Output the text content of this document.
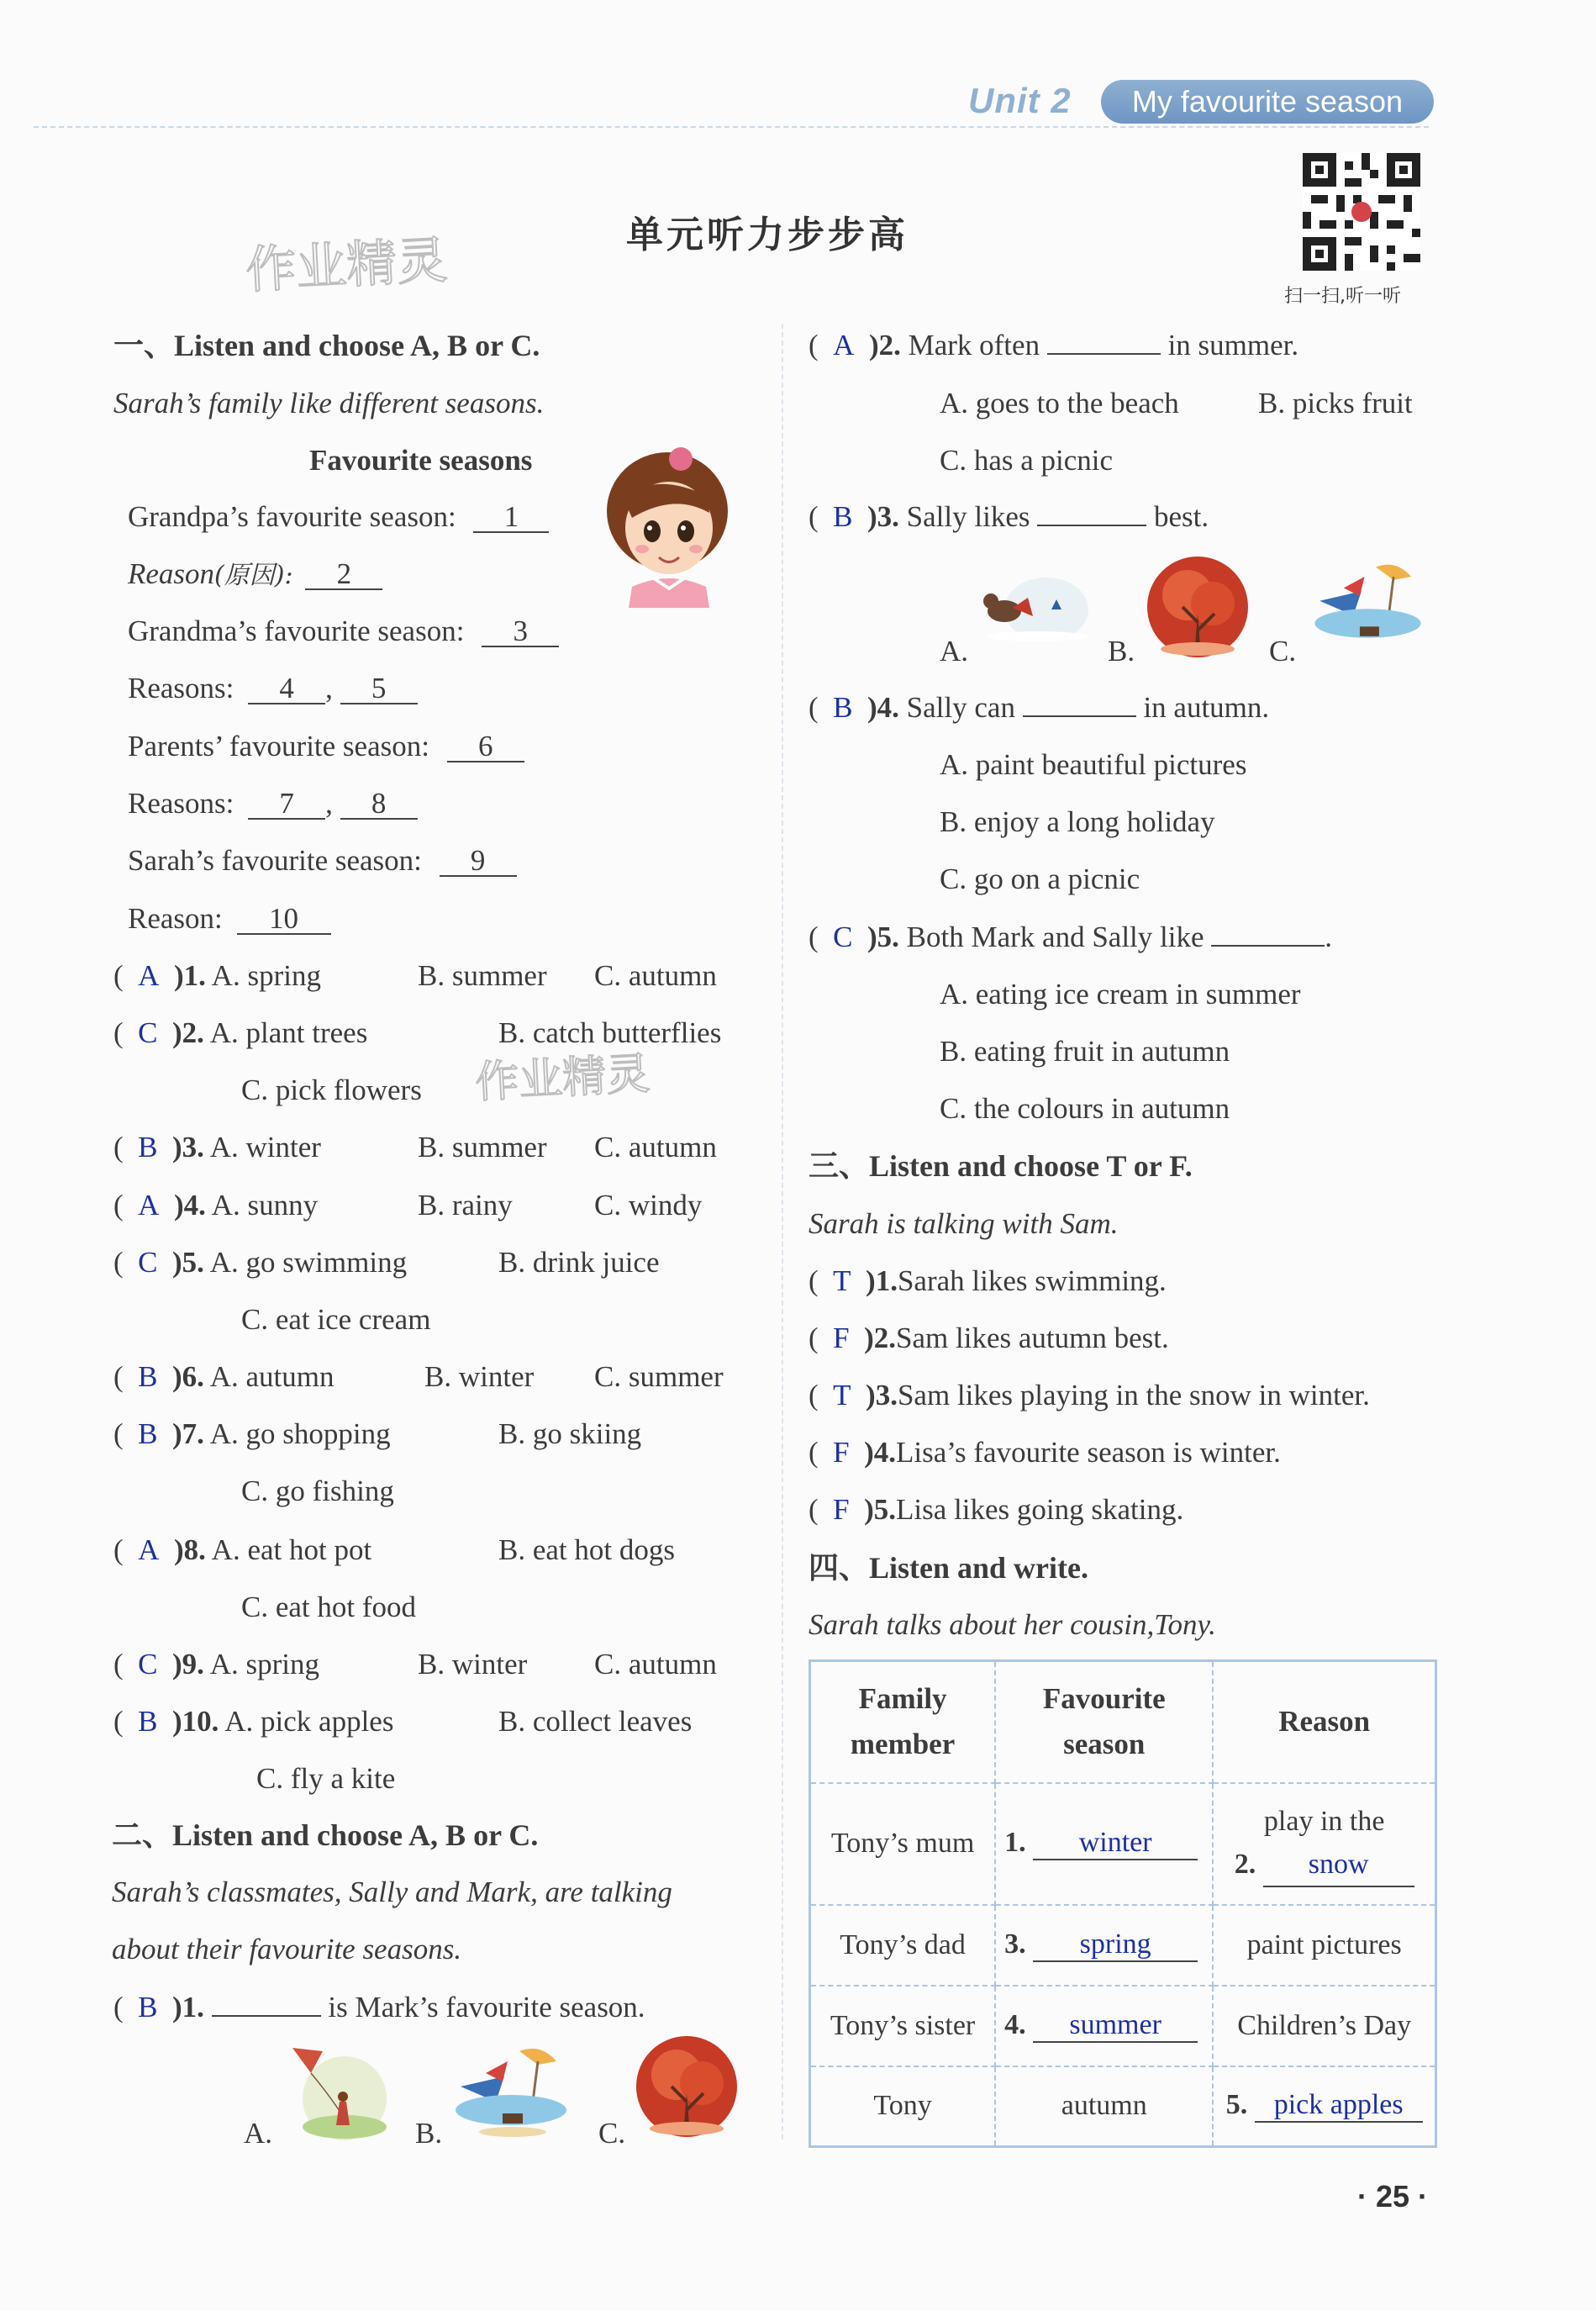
Unit 2	My favourite season
单元听力步步高
扫一扫,听一听
作业精灵
作业精灵
一、Listen and choose A, B or C.
Sarah’s family like different seasons.
Favourite seasons
Grandpa’s favourite season: 1
Reason(原因): 2
Grandma’s favourite season: 3
Reasons: 4 , 5
Parents’ favourite season: 6
Reasons: 7 , 8
Sarah’s favourite season: 9
Reason: 10
(  A )1. A. spring	B. summer C. autumn
(  C )2. A. plant trees	B. catch butterflies
C. pick flowers
(  B )3. A. winter	B. summer C. autumn
(  A )4. A. sunny	B. rainy	C. windy
(  C )5. A. go swimming	B. drink juice
C. eat ice cream
(  B )6. A. autumn	B. winter C. summer
(  B )7. A. go shopping	B. go skiing
C. go fishing
(  A )8. A. eat hot pot	B. eat hot dogs
C. eat hot food
(  C )9. A. spring	B. winter C. autumn
(  B )10. A. pick apples	B. collect leaves
C. fly a kite
二、Listen and choose A, B or C.
Sarah’s classmates, Sally and Mark, are talking
about their favourite seasons.
(  B )1.	is Mark’s favourite season.
A.	B.	C.
(  A )2. Mark often	in summer.
A. goes to the beach	B. picks fruit
C. has a picnic
(  B )3. Sally likes	best.
A.	B.	C.
(  B )4. Sally can	in autumn.
A. paint beautiful pictures
B. enjoy a long holiday
C. go on a picnic
(  C )5. Both Mark and Sally like	.
A. eating ice cream in summer
B. eating fruit in autumn
C. the colours in autumn
三、Listen and choose T or F.
Sarah is talking with Sam.
(  T )1.Sarah likes swimming.
(  F )2.Sam likes autumn best.
(  T )3.Sam likes playing in the snow in winter.
(  F )4.Lisa’s favourite season is winter.
(  F )5.Lisa likes going skating.
四、Listen and write.
Sarah talks about her cousin,Tony.
Family
member	Favourite
season	Reason
Tony’s mum	1. winter	play in the
2. snow
Tony’s dad	3. spring	paint pictures
Tony’s sister	4. summer	Children’s Day
Tony	autumn	5. pick apples
· 25 ·
